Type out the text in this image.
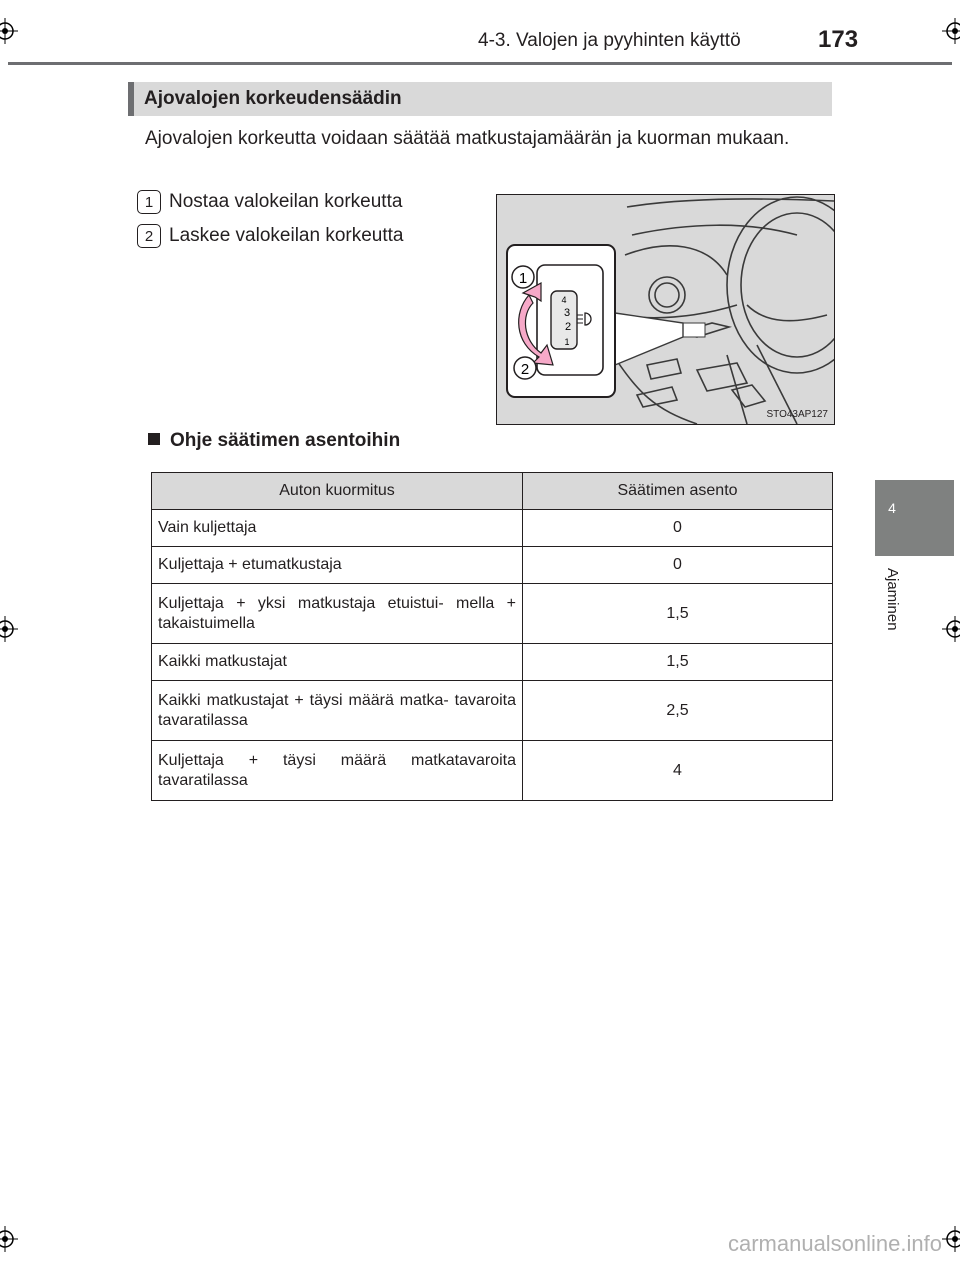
4-3. Valojen ja pyyhinten käyttö	173
4
Ajaminen
Ajovalojen korkeudensäädin
Ajovalojen korkeutta voidaan säätää matkustajamäärän ja kuorman mukaan.
1 Nostaa valokeilan korkeutta
2 Laskee valokeilan korkeutta
4
3
2
1
1
2
STO43AP127
Ohje säätimen asentoihin
Auton kuormitus	Säätimen asento
Vain kuljettaja	0
Kuljettaja + etumatkustaja	0
Kuljettaja + yksi matkustaja etuistui- mella + takaistuimella	1,5
Kaikki matkustajat	1,5
Kaikki matkustajat + täysi määrä matka- tavaroita tavaratilassa	2,5
Kuljettaja + täysi määrä matkatavaroita tavaratilassa	4
carmanualsonline.info
